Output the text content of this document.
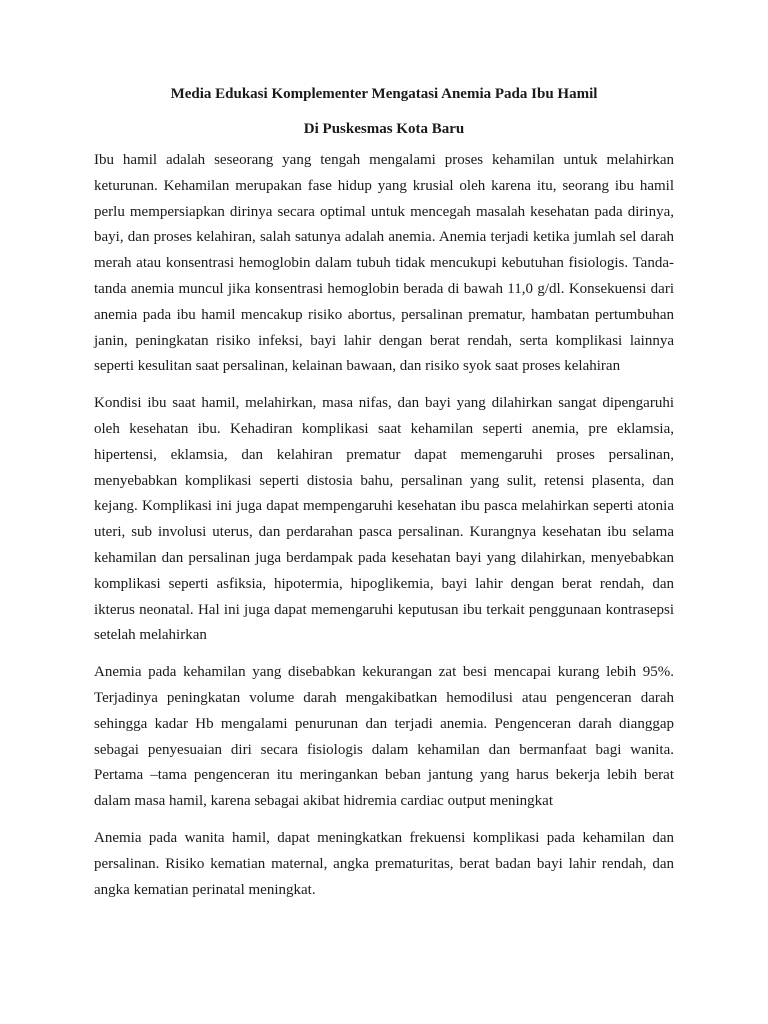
Media Edukasi Komplementer Mengatasi Anemia Pada Ibu Hamil

Di Puskesmas Kota Baru

Ibu hamil adalah seseorang yang tengah mengalami proses kehamilan untuk melahirkan keturunan. Kehamilan merupakan fase hidup yang krusial oleh karena itu, seorang ibu hamil perlu mempersiapkan dirinya secara optimal untuk mencegah masalah kesehatan pada dirinya, bayi, dan proses kelahiran, salah satunya adalah anemia. Anemia terjadi ketika jumlah sel darah merah atau konsentrasi hemoglobin dalam tubuh tidak mencukupi kebutuhan fisiologis. Tanda-tanda anemia muncul jika konsentrasi hemoglobin berada di bawah 11,0 g/dl. Konsekuensi dari anemia pada ibu hamil mencakup risiko abortus, persalinan prematur, hambatan pertumbuhan janin, peningkatan risiko infeksi, bayi lahir dengan berat rendah, serta komplikasi lainnya seperti kesulitan saat persalinan, kelainan bawaan, dan risiko syok saat proses kelahiran

Kondisi ibu saat hamil, melahirkan, masa nifas, dan bayi yang dilahirkan sangat dipengaruhi oleh kesehatan ibu. Kehadiran komplikasi saat kehamilan seperti anemia, pre eklamsia, hipertensi, eklamsia, dan kelahiran prematur dapat memengaruhi proses persalinan, menyebabkan komplikasi seperti distosia bahu, persalinan yang sulit, retensi plasenta, dan kejang. Komplikasi ini juga dapat mempengaruhi kesehatan ibu pasca melahirkan seperti atonia uteri, sub involusi uterus, dan perdarahan pasca persalinan. Kurangnya kesehatan ibu selama kehamilan dan persalinan juga berdampak pada kesehatan bayi yang dilahirkan, menyebabkan komplikasi seperti asfiksia, hipotermia, hipoglikemia, bayi lahir dengan berat rendah, dan ikterus neonatal. Hal ini juga dapat memengaruhi keputusan ibu terkait penggunaan kontrasepsi setelah melahirkan

Anemia pada kehamilan yang disebabkan kekurangan zat besi mencapai kurang lebih 95%. Terjadinya peningkatan volume darah mengakibatkan hemodilusi atau pengenceran darah sehingga kadar Hb mengalami penurunan dan terjadi anemia. Pengenceran darah dianggap sebagai penyesuaian diri secara fisiologis dalam kehamilan dan bermanfaat bagi wanita. Pertama –tama pengenceran itu meringankan beban jantung yang harus bekerja lebih berat dalam masa hamil, karena sebagai akibat hidremia cardiac output meningkat

Anemia pada wanita hamil, dapat meningkatkan frekuensi komplikasi pada kehamilan dan persalinan. Risiko kematian maternal, angka prematuritas, berat badan bayi lahir rendah, dan angka kematian perinatal meningkat.
